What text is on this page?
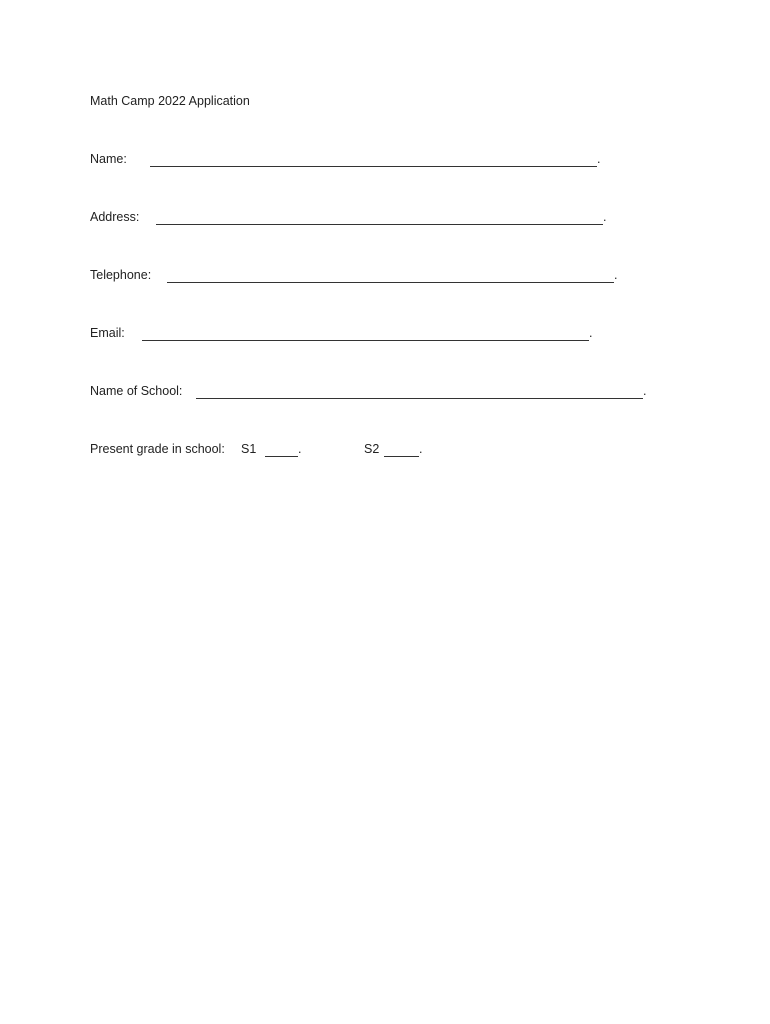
Math Camp 2022 Application
Name:	.
Address:	.
Telephone:	.
Email:	.
Name of School:	.
Present grade in school: S1	.	S2	.
